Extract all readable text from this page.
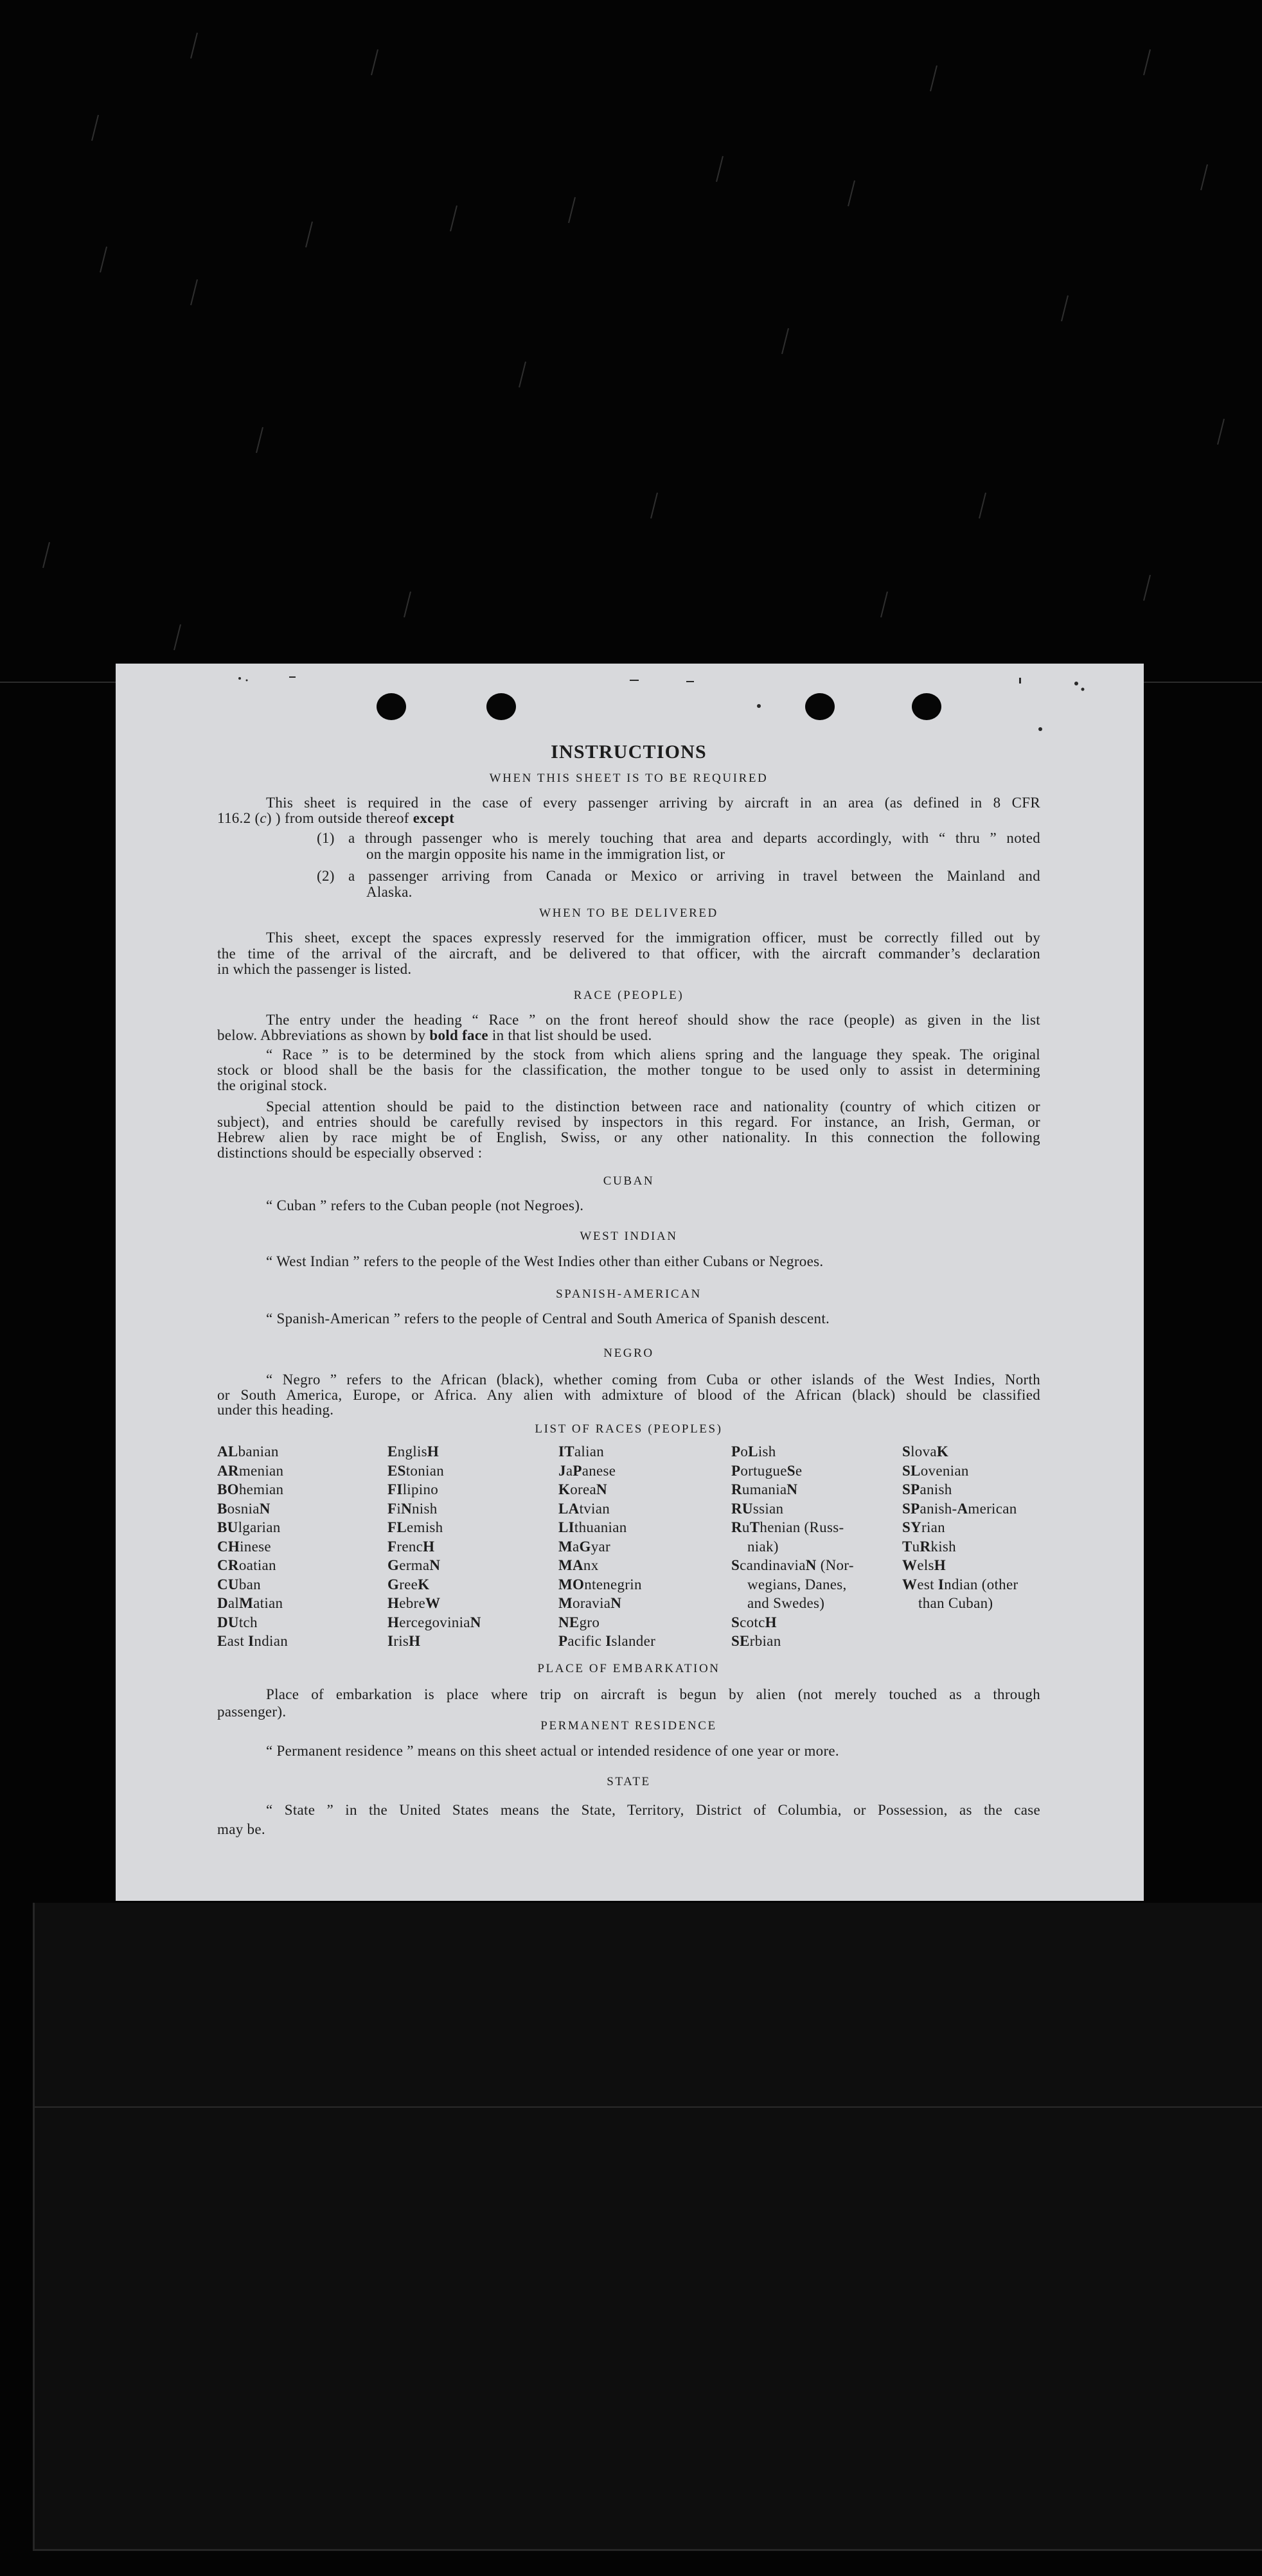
INSTRUCTIONS
WHEN THIS SHEET IS TO BE REQUIRED
This sheet is required in the case of every passenger arriving by aircraft in an area (as defined in 8 CFR
116.2 (c) ) from outside thereof except
(1) a through passenger who is merely touching that area and departs accordingly, with “ thru ” noted
on the margin opposite his name in the immigration list, or
(2) a passenger arriving from Canada or Mexico or arriving in travel between the Mainland and
Alaska.
WHEN TO BE DELIVERED
This sheet, except the spaces expressly reserved for the immigration officer, must be correctly filled out by
the time of the arrival of the aircraft, and be delivered to that officer, with the aircraft commander’s declaration
in which the passenger is listed.
RACE (PEOPLE)
The entry under the heading “ Race ” on the front hereof should show the race (people) as given in the list
below. Abbreviations as shown by bold face in that list should be used.
“ Race ” is to be determined by the stock from which aliens spring and the language they speak. The original
stock or blood shall be the basis for the classification, the mother tongue to be used only to assist in determining
the original stock.
Special attention should be paid to the distinction between race and nationality (country of which citizen or
subject), and entries should be carefully revised by inspectors in this regard. For instance, an Irish, German, or
Hebrew alien by race might be of English, Swiss, or any other nationality. In this connection the following
distinctions should be especially observed :
CUBAN
“ Cuban ” refers to the Cuban people (not Negroes).
WEST INDIAN
“ West Indian ” refers to the people of the West Indies other than either Cubans or Negroes.
SPANISH-AMERICAN
“ Spanish-American ” refers to the people of Central and South America of Spanish descent.
NEGRO
“ Negro ” refers to the African (black), whether coming from Cuba or other islands of the West Indies, North
or South America, Europe, or Africa. Any alien with admixture of blood of the African (black) should be classified
under this heading.
LIST OF RACES (PEOPLES)
ALbanian
ARmenian
BOhemian
BosniaN
BUlgarian
CHinese
CRoatian
CUban
DalMatian
DUtch
East Indian
EnglisH
EStonian
FIlipino
FiNnish
FLemish
FrencH
GermaN
GreeK
HebreW
HercegoviniaN
IrisH
ITalian
JaPanese
KoreaN
LAtvian
LIthuanian
MaGyar
MAnx
MOntenegrin
MoraviaN
NEgro
Pacific Islander
PoLish
PortugueSe
RumaniaN
RUssian
RuThenian (Russ-
niak)
ScandinaviaN (Nor-
wegians, Danes,
and Swedes)
ScotcH
SErbian
SlovaK
SLovenian
SPanish
SPanish-American
SYrian
TuRkish
WelsH
West Indian (other
than Cuban)
PLACE OF EMBARKATION
Place of embarkation is place where trip on aircraft is begun by alien (not merely touched as a through
passenger).
PERMANENT RESIDENCE
“ Permanent residence ” means on this sheet actual or intended residence of one year or more.
STATE
“ State ” in the United States means the State, Territory, District of Columbia, or Possession, as the case
may be.
